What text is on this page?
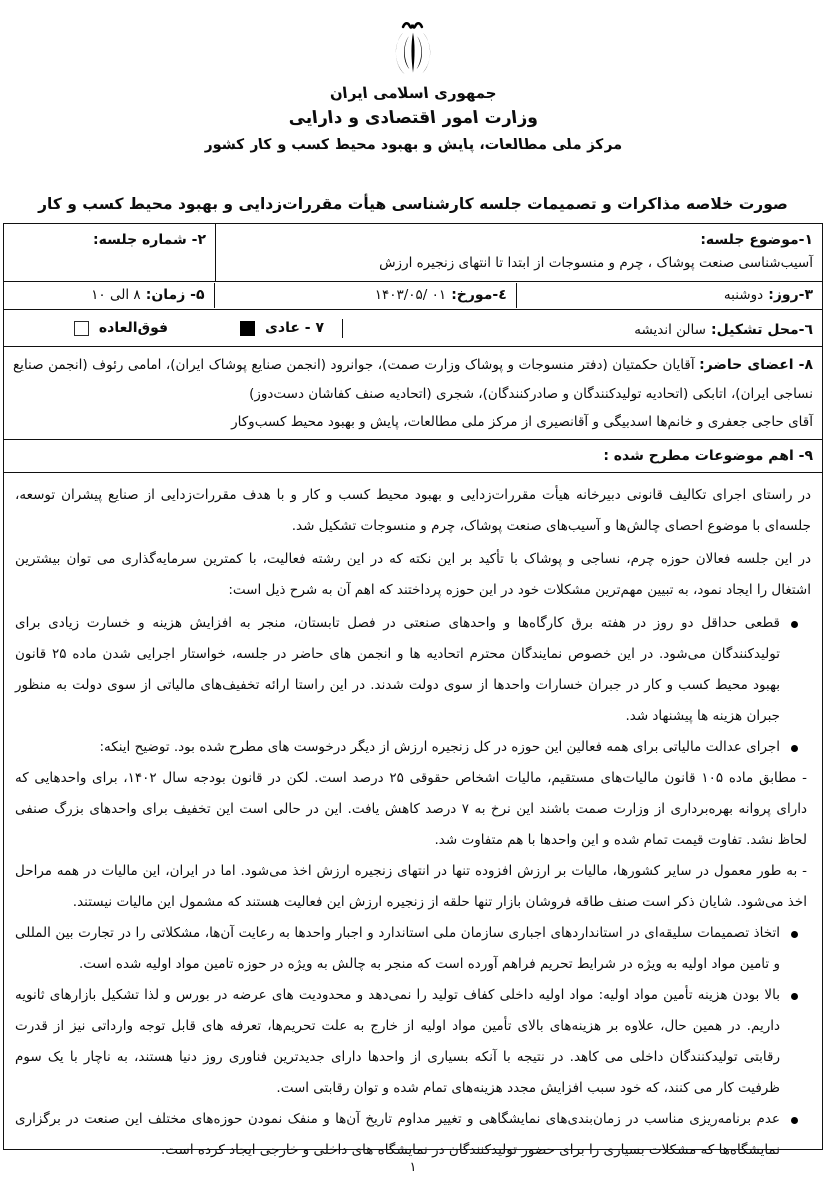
جمهوری اسلامی ایران
وزارت امور اقتصادی و دارایی
مرکز ملی مطالعات، پایش و بهبود محیط کسب و کار کشور
صورت خلاصه مذاکرات و تصمیمات جلسه کارشناسی هیأت مقررات‌زدایی و بهبود محیط کسب و کار
۱-موضوع جلسه:
آسیب‌شناسی صنعت پوشاک ، چرم و منسوجات از ابتدا تا انتهای زنجیره ارزش
۲- شماره جلسه:
۳-روز: دوشنبه
٤-مورخ: ۱۴۰۳/۰۵/ ۰۱
۵- زمان: ۸ الی ۱۰
٦-محل تشکیل: سالن اندیشه
۷ - عادی
فوق‌العاده

۸- اعضای حاضر: آقایان حکمتیان (دفتر منسوجات و پوشاک وزارت صمت)، جوانرود (انجمن صنایع پوشاک ایران)، امامی رئوف (انجمن صنایع نساجی ایران)، اتابکی (اتحادیه تولیدکنندگان و صادرکنندگان)، شجری (اتحادیه صنف کفاشان دست‌دوز)

آقای حاجی جعفری و خانم‌ها اسدبیگی و آقانصیری از مرکز ملی مطالعات، پایش و بهبود محیط کسب‌وکار

۹- اهم موضوعات مطرح شده :

در راستای اجرای تکالیف قانونی دبیرخانه هیأت مقررات‌زدایی و بهبود محیط کسب و کار و با هدف مقررات‌زدایی از صنایع پیشران توسعه، جلسه‌ای با موضوع احصای چالش‌ها و آسیب‌های صنعت پوشاک، چرم و منسوجات تشکیل شد.

در این جلسه فعالان حوزه چرم، نساجی و پوشاک با تأکید بر این نکته که در این رشته فعالیت، با کمترین سرمایه‌گذاری می توان بیشترین اشتغال را ایجاد نمود، به تبیین مهم‌ترین مشکلات خود در این حوزه پرداختند که اهم آن به شرح ذیل است:

قطعی حداقل دو روز در هفته برق کارگاه‌ها و واحدهای صنعتی در فصل تابستان، منجر به افزایش هزینه و خسارت زیادی برای تولیدکنندگان می‌شود. در این خصوص نمایندگان محترم اتحادیه ها و انجمن های حاضر در جلسه، خواستار اجرایی شدن ماده ۲۵ قانون بهبود محیط کسب و کار در جبران خسارات واحدها از سوی دولت شدند. در این راستا ارائه تخفیف‌های مالیاتی از سوی دولت به منظور جبران هزینه ها پیشنهاد شد.

اجرای عدالت مالیاتی برای همه فعالین این حوزه در کل زنجیره ارزش از دیگر درخوست های مطرح شده بود. توضیح اینکه:

- مطابق ماده ۱۰۵ قانون مالیات‌های مستقیم، مالیات اشخاص حقوقی ۲۵ درصد است. لکن در قانون بودجه سال ۱۴۰۲، برای واحدهایی که دارای پروانه بهره‌برداری از وزارت صمت باشند این نرخ به ۷ درصد کاهش یافت. این در حالی است این تخفیف برای واحدهای بزرگ صنفی لحاظ نشد. تفاوت قیمت تمام شده و این واحدها با هم متفاوت شد.

- به طور معمول در سایر کشورها، مالیات بر ارزش افزوده تنها در انتهای زنجیره ارزش اخذ می‌شود. اما در ایران، این مالیات در همه مراحل اخذ می‌شود. شایان ذکر است صنف طاقه فروشان بازار تنها حلقه از زنجیره ارزش این فعالیت هستند که مشمول این مالیات نیستند.

اتخاذ تصمیمات سلیقه‌ای در استانداردهای اجباری سازمان ملی استاندارد و اجبار واحدها به رعایت آن‌ها، مشکلاتی را در تجارت بین المللی و تامین مواد اولیه به ویژه در شرایط تحریم فراهم آورده است که منجر به چالش به ویژه در حوزه تامین مواد اولیه شده است.

بالا بودن هزینه تأمین مواد اولیه: مواد اولیه داخلی کفاف تولید را نمی‌دهد و محدودیت های عرضه در بورس و لذا تشکیل بازارهای ثانویه داریم. در همین حال، علاوه بر هزینه‌های بالای تأمین مواد اولیه از خارج به علت تحریم‌ها، تعرفه های قابل توجه وارداتی نیز از قدرت رقابتی تولیدکنندگان داخلی می کاهد. در نتیجه با آنکه بسیاری از واحدها دارای جدیدترین فناوری روز دنیا هستند، به ناچار با یک سوم ظرفیت کار می کنند، که خود سبب افزایش مجدد هزینه‌های تمام شده و توان رقابتی است.

عدم برنامه‌ریزی مناسب در زمان‌بندی‌های نمایشگاهی و تغییر مداوم تاریخ آن‌ها و منفک نمودن حوزه‌های مختلف این صنعت در برگزاری نمایشگاه‌ها که مشکلات بسیاری را برای حضور تولیدکنندگان در نمایشگاه های داخلی و خارجی ایجاد کرده است.

۱
